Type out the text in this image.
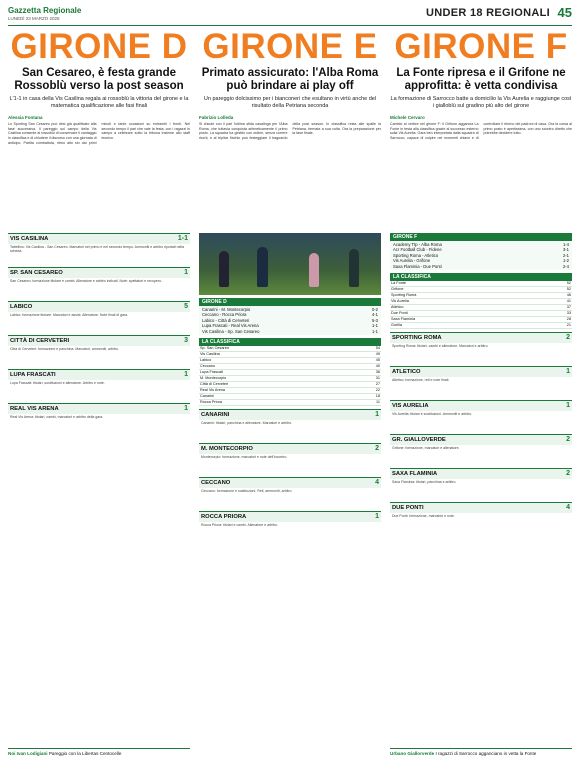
Gazzetta Regionale
LUNEDÌ 23 MARZO 2026	UNDER 18 REGIONALI 45
GIRONE D
San Cesareo, è festa grande Rossoblù verso la post season
L'1-1 in casa della Vis Casilina regala ai rossoblù la vittoria del girone e la matematica qualificazione alle fasi finali
Alessia Fontana
Lo Sporting San Cesareo può dirsi già qualificato alla fase successiva. Il pareggio sul campo della Vis Casilina consente ai rossoblù di conservare il vantaggio in classifica e di chiudere il discorso con una giornata di anticipo. Partita combattuta, ritmo alto sin dai primi minuti e tante occasioni su entrambi i fronti. Nel secondo tempo il pari che vale la festa, con i ragazzi in campo a celebrare sotto la tribuna insieme allo staff tecnico.
VIS CASILINA	1-1
Tabellino: Vis Casilina - San Cesareo. Marcatori nel primo e nel secondo tempo. Ammoniti e arbitro riportati nella scheda.
SP. SAN CESAREO	1
San Cesareo: formazione titolare e cambi. Allenatore e arbitro indicati. Note: spettatori e recupero.
LABICO	5
Labico: formazione titolare. Marcatori e assist. Allenatore. Note finali di gara.
CITTÀ DI CERVETERI	3
Città di Cerveteri: formazione e panchina. Marcatori, ammoniti, arbitro.
LUPA FRASCATI	1
Lupa Frascati: titolari, sostituzioni e allenatore. Arbitro e note.
REAL VIS ARENA	1
Real Vis Arena: titolari, cambi, marcatori e arbitro della gara.
GIRONE E
Primato assicurato: l'Alba Roma può brindare ai play off
Un pareggio dolcissimo per i bianconeri che esultano in virtù anche del risultato della Petriana seconda
Fabrizio Lolleda
Si chiude con il pari l'ultima sfida casalinga per l'Alba Roma, che tuttavia conquista aritmeticamente il primo posto. La squadra ha gestito con ordine, senza correre rischi, e al triplice fischio può festeggiare il traguardo della post season. In classifica resta alle spalle la Petriana, fermata a sua volta. Ora la preparazione per la fase finale.
GIRONE D
Canarini - M. Montecorpio	0-2
Ceccano - Rocca Priora	4-1
Labico - Città di Cerveteri	5-3
Lupa Frascati - Real Vis Arena	1-1
Vis Casilina - Sp. San Cesareo	1-1
LA CLASSIFICA
Sp. San Cesareo	54
Vis Casilina	49
Labico	45
Ceccano	40
Lupa Frascati	36
M. Montecorpio	31
Città di Cerveteri	27
Real Vis Arena	22
Canarini	18
Rocca Priora	11
CANARINI	1
Canarini: titolari, panchina e allenatore. Marcatori e arbitro.
M. MONTECORPIO	2
Montecorpio: formazione, marcatori e note dell'incontro.
CECCANO	4
Ceccano: formazione e sostituzioni. Reti, ammoniti, arbitro.
ROCCA PRIORA	1
Rocca Priora: titolari e cambi. Allenatore e arbitro.
GIRONE F
La Fonte ripresa e il Grifone ne approfitta: è vetta condivisa
La formazione di Sarrocco batte a domicilio la Vis Aurelia e raggiunge così i gialloblù sul gradino più alto del girone
Michele Cervaro
Cambio al vertice nel girone F: il Grifone aggancia La Fonte in testa alla classifica grazie al successo esterno sulla Vis Aurelia. Gara ben interpretata dalla squadra di Sarrocco, capace di colpire nei momenti chiave e di controllare il ritorno dei padroni di casa. Ora la corsa al primo posto è apertissima, con uno scontro diretto che potrebbe decidere tutto.
GIRONE F
Academy Ttp - Alba Roma	1-4
Acr Football Club - Fidene	3-1
Sporting Roma - Atletico	2-1
Vis Aurelia - Grifone	1-2
Saxa Flaminia - Due Ponti	2-4
LA CLASSIFICA
La Fonte	52
Grifone	52
Sporting Roma	46
Vis Aurelia	41
Atletico	37
Due Ponti	33
Saxa Flaminia	28
Gorilla	21
SPORTING ROMA	2
Sporting Roma: titolari, cambi e allenatore. Marcatori e arbitro.
ATLETICO	1
Atletico: formazione, reti e note finali.
VIS AURELIA	1
Vis Aurelia: titolari e sostituzioni. Ammoniti e arbitro.
GR. GIALLOVERDE	2
Grifone: formazione, marcatori e allenatore.
SAXA FLAMINIA	2
Saxa Flaminia: titolari, panchina e arbitro.
DUE PONTI	4
Due Ponti: formazione, marcatori e note.
Noi Ivan Lodigiani Pareggio con la Libertas Centocelle	Urbano Giallorverde I ragazzi di Sarrocco agganciano in vetta la Fonte
